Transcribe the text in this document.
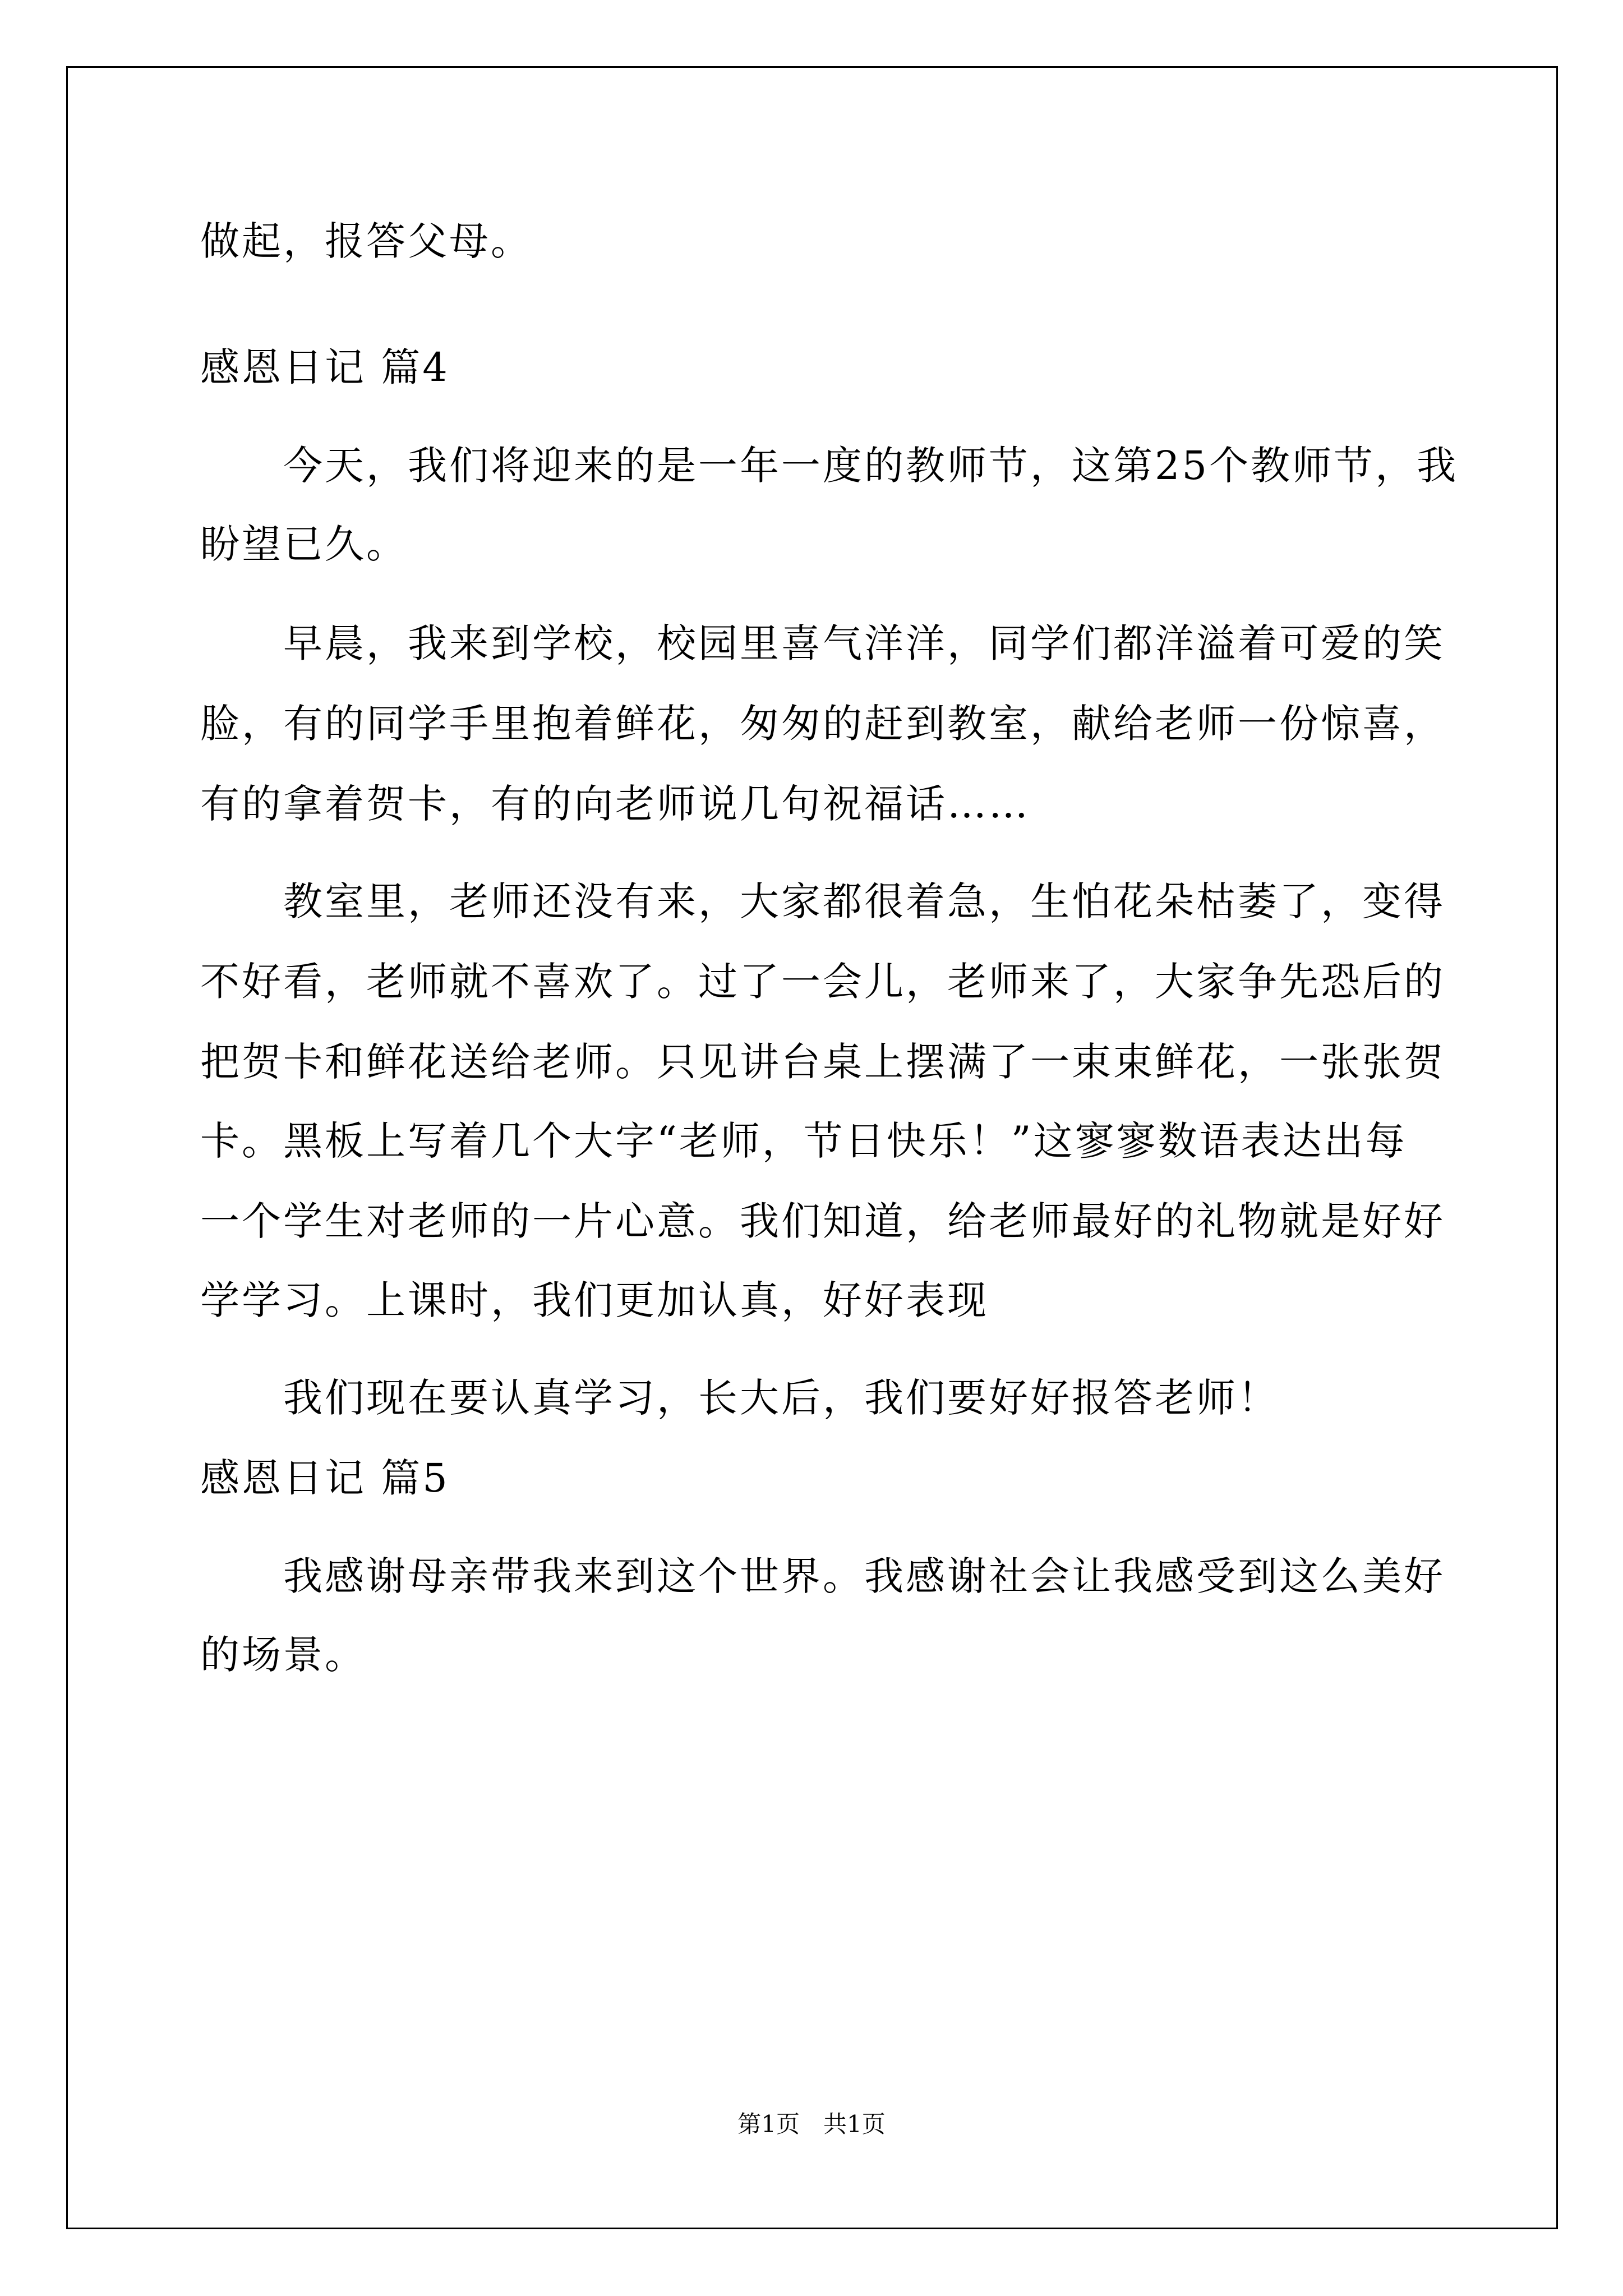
做起，报答父母。
感恩日记 篇4
今天，我们将迎来的是一年一度的教师节，这第25个教师节，我
盼望已久。
早晨，我来到学校，校园里喜气洋洋，同学们都洋溢着可爱的笑
脸，有的同学手里抱着鲜花，匆匆的赶到教室，献给老师一份惊喜，
有的拿着贺卡，有的向老师说几句祝福话……
教室里，老师还没有来，大家都很着急，生怕花朵枯萎了，变得
不好看，老师就不喜欢了。过了一会儿，老师来了，大家争先恐后的
把贺卡和鲜花送给老师。只见讲台桌上摆满了一束束鲜花，一张张贺
卡。黑板上写着几个大字“老师，节日快乐！”这寥寥数语表达出每
一个学生对老师的一片心意。我们知道，给老师最好的礼物就是好好
学学习。上课时，我们更加认真，好好表现
我们现在要认真学习，长大后，我们要好好报答老师！
感恩日记 篇5
我感谢母亲带我来到这个世界。我感谢社会让我感受到这么美好
的场景。
第1页　共1页
